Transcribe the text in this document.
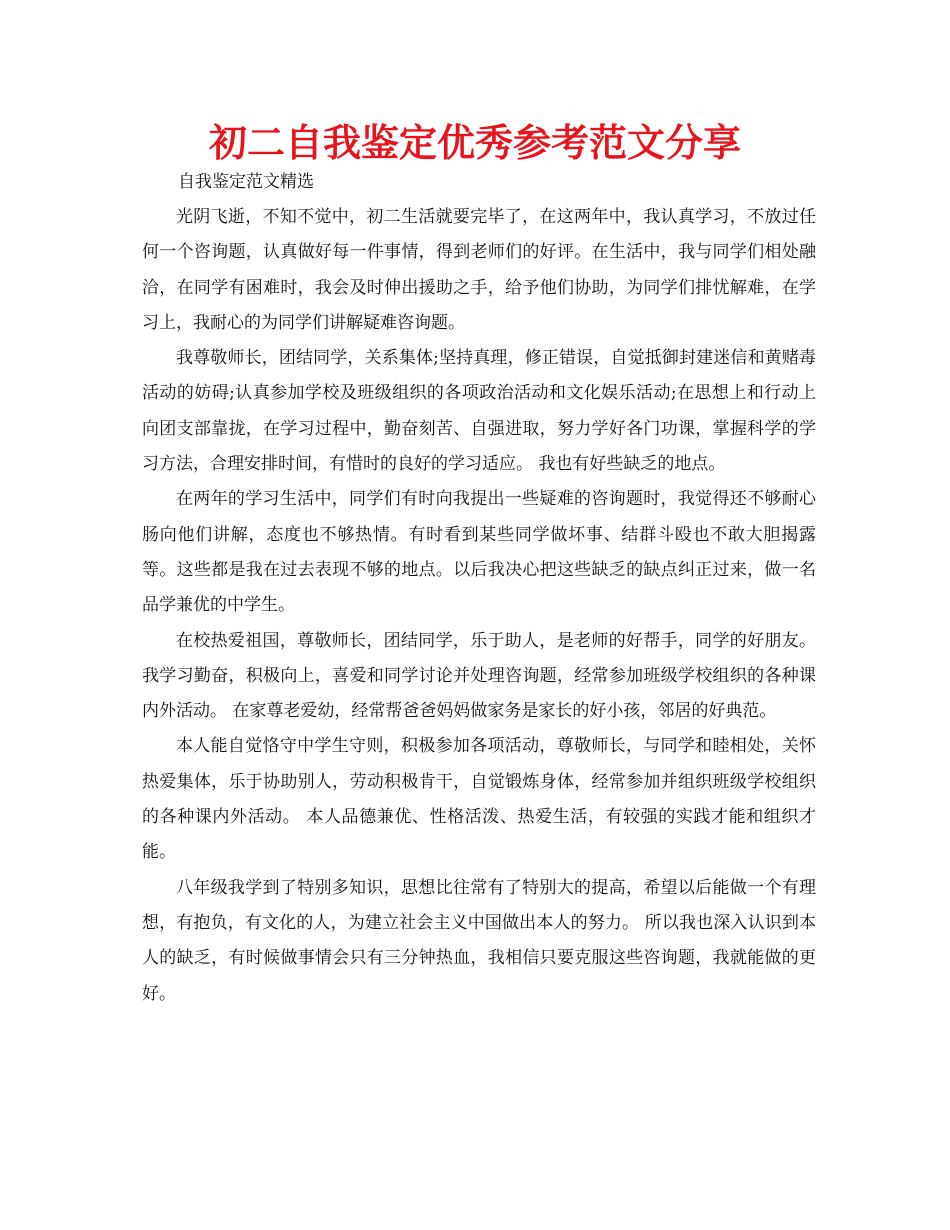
初二自我鉴定优秀参考范文分享
自我鉴定范文精选

光阴飞逝，不知不觉中，初二生活就要完毕了，在这两年中，我认真学习，不放过任何一个咨询题，认真做好每一件事情，得到老师们的好评。在生活中，我与同学们相处融洽，在同学有困难时，我会及时伸出援助之手，给予他们协助，为同学们排忧解难，在学习上，我耐心的为同学们讲解疑难咨询题。

我尊敬师长，团结同学，关系集体;坚持真理，修正错误，自觉抵御封建迷信和黄赌毒活动的妨碍;认真参加学校及班级组织的各项政治活动和文化娱乐活动;在思想上和行动上向团支部靠拢，在学习过程中，勤奋刻苦、自强进取，努力学好各门功课，掌握科学的学习方法，合理安排时间，有惜时的良好的学习适应。 我也有好些缺乏的地点。

在两年的学习生活中，同学们有时向我提出一些疑难的咨询题时，我觉得还不够耐心肠向他们讲解，态度也不够热情。有时看到某些同学做坏事、结群斗殴也不敢大胆揭露等。这些都是我在过去表现不够的地点。以后我决心把这些缺乏的缺点纠正过来，做一名品学兼优的中学生。

在校热爱祖国，尊敬师长，团结同学，乐于助人，是老师的好帮手，同学的好朋友。我学习勤奋，积极向上，喜爱和同学讨论并处理咨询题，经常参加班级学校组织的各种课内外活动。 在家尊老爱幼，经常帮爸爸妈妈做家务是家长的好小孩，邻居的好典范。

本人能自觉恪守中学生守则，积极参加各项活动，尊敬师长，与同学和睦相处，关怀热爱集体，乐于协助别人，劳动积极肯干，自觉锻炼身体，经常参加并组织班级学校组织的各种课内外活动。 本人品德兼优、性格活泼、热爱生活，有较强的实践才能和组织才能。

八年级我学到了特别多知识，思想比往常有了特别大的提高，希望以后能做一个有理想，有抱负，有文化的人，为建立社会主义中国做出本人的努力。 所以我也深入认识到本人的缺乏，有时候做事情会只有三分钟热血，我相信只要克服这些咨询题，我就能做的更好。
